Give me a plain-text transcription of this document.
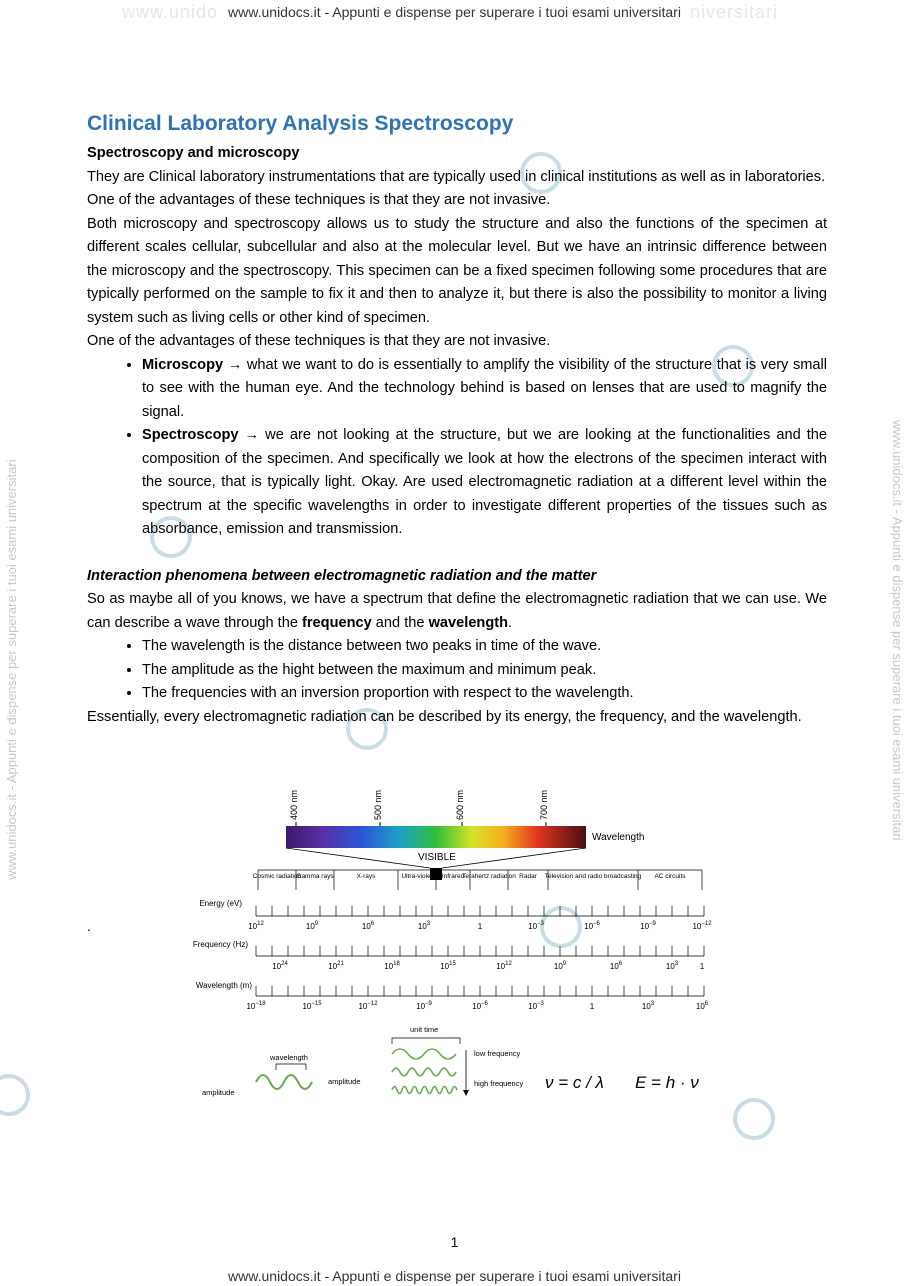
www.unidocs.it - Appunti e dispense per superare i tuoi esami universitari
www.unido	niversitari
www.unidocs.it - Appunti e dispense per superare i tuoi esami universitari	www.unidocs.it - Appunti e dispense per superare i tuoi esami universitari
Clinical Laboratory Analysis Spectroscopy

Spectroscopy and microscopy

They are Clinical laboratory instrumentations that are typically used in clinical institutions as well as in laboratories.

One of the advantages of these techniques is that they are not invasive.

Both microscopy and spectroscopy allows us to study the structure and also the functions of the specimen at different scales cellular, subcellular and also at the molecular level. But we have an intrinsic difference between the microscopy and the spectroscopy. This specimen can be a fixed specimen following some procedures that are typically performed on the sample to fix it and then to analyze it, but there is also the possibility to monitor a living system such as living cells or other kind of specimen.

One of the advantages of these techniques is that they are not invasive.

• Microscopy → what we want to do is essentially to amplify the visibility of the structure that is very small to see with the human eye. And the technology behind is based on lenses that are used to magnify the signal.
• Spectroscopy → we are not looking at the structure, but we are looking at the functionalities and the composition of the specimen. And specifically we look at how the electrons of the specimen interact with the source, that is typically light. Okay. Are used electromagnetic radiation at a different level within the spectrum at the specific wavelengths in order to investigate different properties of the tissues such as absorbance, emission and transmission.

Interaction phenomena between electromagnetic radiation and the matter

So as maybe all of you knows, we have a spectrum that define the electromagnetic radiation that we can use. We can describe a wave through the frequency and the wavelength.

• The wavelength is the distance between two peaks in time of the wave.
• The amplitude as the hight between the maximum and minimum peak.
• The frequencies with an inversion proportion with respect to the wavelength.

Essentially, every electromagnetic radiation can be described by its energy, the frequency, and the wavelength.

.
400 nm	500 nm	600 nm	700 nm
Wavelength
VISIBLE
Cosmic radiation
Gamma rays	X-rays	Ultra-violet Infrared
Terahertz radiation Radar Television and radio broadcasting AC circuits
Energy (eV)
$10^{12}$	$10^9$	$10^6$	$10^3$	1	$10^{-3}$	$10^{-6}$	$10^{-9}$	$10^{-12}$
Frequency (Hz)
$10^{24}$	$10^{21}$	$10^{18}$	$10^{15}$	$10^{12}$	$10^9$	$10^6$	$10^3$	1
Wavelength (m)
$10^{-18}$	$10^{-15}$	$10^{-12}$	$10^{-9}$	$10^{-6}$	$10^{-3}$	1	$10^3$	$10^6$
wavelength
amplitude
amplitude
unit time
low frequency
high frequency ν = c / λ E = h · ν
1
www.unidocs.it - Appunti e dispense per superare i tuoi esami universitari
